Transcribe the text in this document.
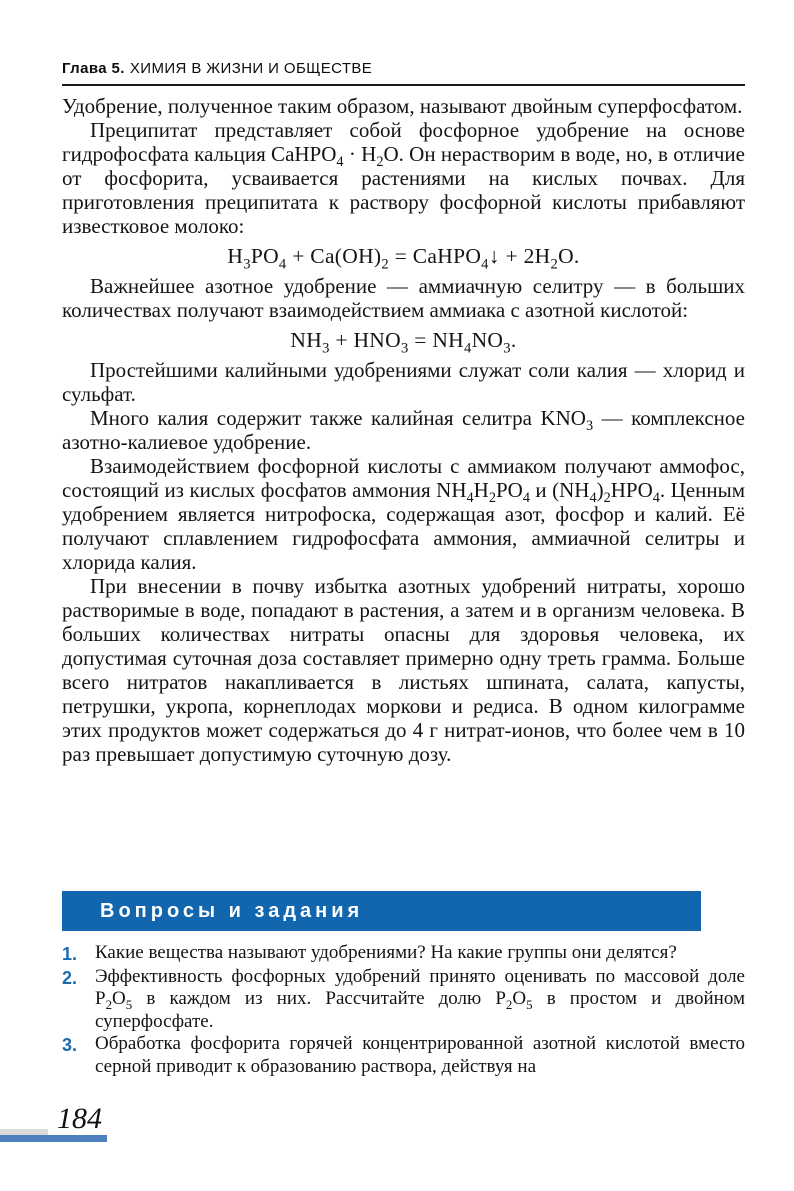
Глава 5. ХИМИЯ В ЖИЗНИ И ОБЩЕСТВЕ

Удобрение, полученное таким образом, называют двойным суперфосфатом.

Преципитат представляет собой фосфорное удобрение на основе гидрофосфата кальция CaHPO$_4$ · $H_2O$. Он нерастворим в воде, но, в отличие от фосфорита, усваивается растениями на кислых почвах. Для приготовления преципитата к раствору фосфорной кислоты прибавляют известковое молоко:

$H_3PO_4 + Ca(OH)_2$ = CaHPO$_4$↓ + $2H_2O$.

Важнейшее азотное удобрение — аммиачную селитру — в больших количествах получают взаимодействием аммиака с азотной кислотой:

$NH_3 + HNO_3 = NH_4NO_3$.

Простейшими калийными удобрениями служат соли калия — хлорид и сульфат.

Много калия содержит также калийная селитра $KNO_3$ — комплексное азотно-калиевое удобрение.

Взаимодействием фосфорной кислоты с аммиаком получают аммофос, состоящий из кислых фосфатов аммония $NH_4H_2PO_4$ и $(NH_4)_2HPO_4$. Ценным удобрением является нитрофоска, содержащая азот, фосфор и калий. Её получают сплавлением гидрофосфата аммония, аммиачной селитры и хлорида калия.

При внесении в почву избытка азотных удобрений нитраты, хорошо растворимые в воде, попадают в растения, а затем и в организм человека. В больших количествах нитраты опасны для здоровья человека, их допустимая суточная доза составляет примерно одну треть грамма. Больше всего нитратов накапливается в листьях шпината, салата, капусты, петрушки, укропа, корнеплодах моркови и редиса. В одном килограмме этих продуктов может содержаться до 4 г нитрат-ионов, что более чем в 10 раз превышает допустимую суточную дозу.

Вопросы и задания
1. Какие вещества называют удобрениями? На какие группы они делятся?
2. Эффективность фосфорных удобрений принято оценивать по массовой доле $P_2O_5$ в каждом из них. Рассчитайте долю $P_2O_5$ в простом и двойном суперфосфате.
3. Обработка фосфорита горячей концентрированной азотной кислотой вместо серной приводит к образованию раствора, действуя на
184
